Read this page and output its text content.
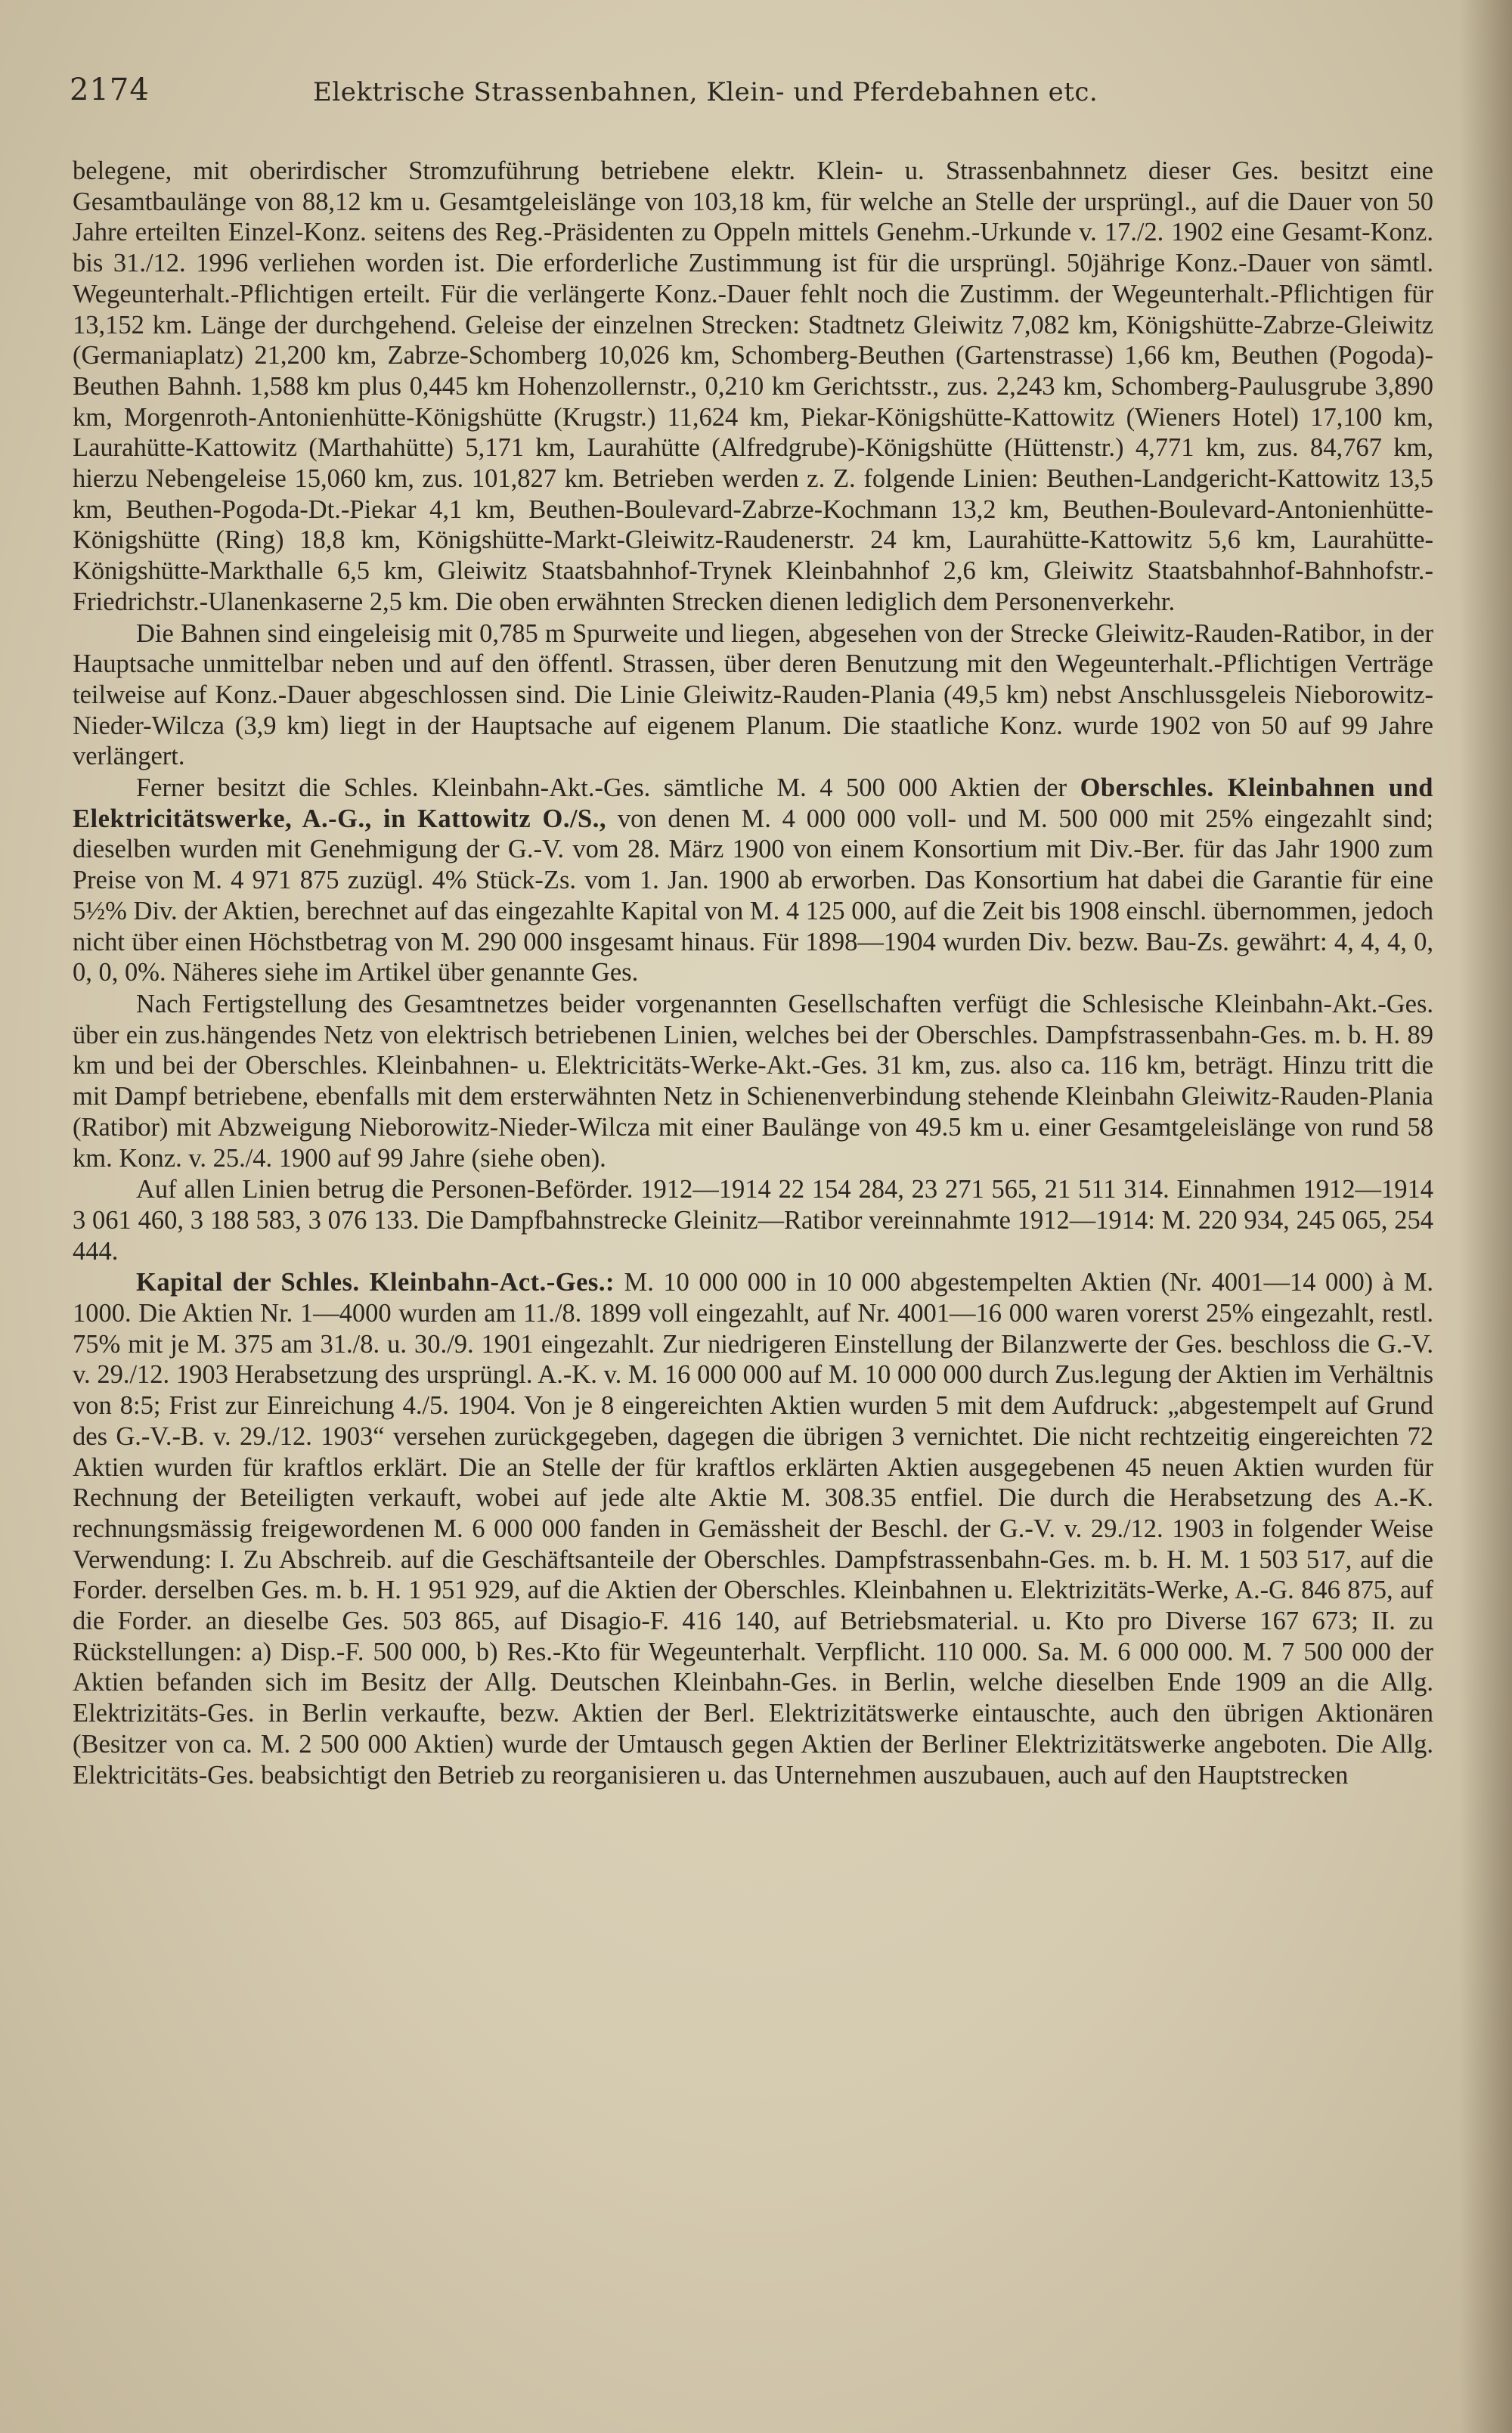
2174	Elektrische Strassenbahnen, Klein- und Pferdebahnen etc.

belegene, mit oberirdischer Stromzuführung betriebene elektr. Klein- u. Strassenbahnnetz dieser Ges. besitzt eine Gesamtbaulänge von 88,12 km u. Gesamtgeleislänge von 103,18 km, für welche an Stelle der ursprüngl., auf die Dauer von 50 Jahre erteilten Einzel-Konz. seitens des Reg.-Präsidenten zu Oppeln mittels Genehm.-Urkunde v. 17./2. 1902 eine Gesamt-Konz. bis 31./12. 1996 verliehen worden ist. Die erforderliche Zustimmung ist für die ursprüngl. 50jährige Konz.-Dauer von sämtl. Wegeunterhalt.-Pflichtigen erteilt. Für die verlängerte Konz.-Dauer fehlt noch die Zustimm. der Wegeunterhalt.-Pflichtigen für 13,152 km. Länge der durchgehend. Geleise der einzelnen Strecken: Stadtnetz Gleiwitz 7,082 km, Königshütte-Zabrze-Gleiwitz (Germaniaplatz) 21,200 km, Zabrze-Schomberg 10,026 km, Schomberg-Beuthen (Gartenstrasse) 1,66 km, Beuthen (Pogoda)-Beuthen Bahnh. 1,588 km plus 0,445 km Hohenzollernstr., 0,210 km Gerichtsstr., zus. 2,243 km, Schomberg-Paulusgrube 3,890 km, Morgenroth-Antonienhütte-Königshütte (Krugstr.) 11,624 km, Piekar-Königshütte-Kattowitz (Wieners Hotel) 17,100 km, Laurahütte-Kattowitz (Marthahütte) 5,171 km, Laurahütte (Alfredgrube)-Königshütte (Hüttenstr.) 4,771 km, zus. 84,767 km, hierzu Nebengeleise 15,060 km, zus. 101,827 km. Betrieben werden z. Z. folgende Linien: Beuthen-Landgericht-Kattowitz 13,5 km, Beuthen-Pogoda-Dt.-Piekar 4,1 km, Beuthen-Boulevard-Zabrze-Kochmann 13,2 km, Beuthen-Boulevard-Antonienhütte-Königshütte (Ring) 18,8 km, Königshütte-Markt-Gleiwitz-Raudenerstr. 24 km, Laurahütte-Kattowitz 5,6 km, Laurahütte-Königshütte-Markthalle 6,5 km, Gleiwitz Staatsbahnhof-Trynek Kleinbahnhof 2,6 km, Gleiwitz Staatsbahnhof-Bahnhofstr.-Friedrichstr.-Ulanenkaserne 2,5 km. Die oben erwähnten Strecken dienen lediglich dem Personenverkehr.

Die Bahnen sind eingeleisig mit 0,785 m Spurweite und liegen, abgesehen von der Strecke Gleiwitz-Rauden-Ratibor, in der Hauptsache unmittelbar neben und auf den öffentl. Strassen, über deren Benutzung mit den Wegeunterhalt.-Pflichtigen Verträge teilweise auf Konz.-Dauer abgeschlossen sind. Die Linie Gleiwitz-Rauden-Plania (49,5 km) nebst Anschlussgeleis Nieborowitz-Nieder-Wilcza (3,9 km) liegt in der Hauptsache auf eigenem Planum. Die staatliche Konz. wurde 1902 von 50 auf 99 Jahre verlängert.

Ferner besitzt die Schles. Kleinbahn-Akt.-Ges. sämtliche M. 4 500 000 Aktien der Oberschles. Kleinbahnen und Elektricitätswerke, A.-G., in Kattowitz O./S., von denen M. 4 000 000 voll- und M. 500 000 mit 25% eingezahlt sind; dieselben wurden mit Genehmigung der G.-V. vom 28. März 1900 von einem Konsortium mit Div.-Ber. für das Jahr 1900 zum Preise von M. 4 971 875 zuzügl. 4% Stück-Zs. vom 1. Jan. 1900 ab erworben. Das Konsortium hat dabei die Garantie für eine 5½% Div. der Aktien, berechnet auf das eingezahlte Kapital von M. 4 125 000, auf die Zeit bis 1908 einschl. übernommen, jedoch nicht über einen Höchstbetrag von M. 290 000 insgesamt hinaus. Für 1898—1904 wurden Div. bezw. Bau-Zs. gewährt: 4, 4, 4, 0, 0, 0, 0%. Näheres siehe im Artikel über genannte Ges.

Nach Fertigstellung des Gesamtnetzes beider vorgenannten Gesellschaften verfügt die Schlesische Kleinbahn-Akt.-Ges. über ein zus.hängendes Netz von elektrisch betriebenen Linien, welches bei der Oberschles. Dampfstrassenbahn-Ges. m. b. H. 89 km und bei der Oberschles. Kleinbahnen- u. Elektricitäts-Werke-Akt.-Ges. 31 km, zus. also ca. 116 km, beträgt. Hinzu tritt die mit Dampf betriebene, ebenfalls mit dem ersterwähnten Netz in Schienenverbindung stehende Kleinbahn Gleiwitz-Rauden-Plania (Ratibor) mit Abzweigung Nieborowitz-Nieder-Wilcza mit einer Baulänge von 49.5 km u. einer Gesamtgeleislänge von rund 58 km. Konz. v. 25./4. 1900 auf 99 Jahre (siehe oben).

Auf allen Linien betrug die Personen-Beförder. 1912—1914 22 154 284, 23 271 565, 21 511 314. Einnahmen 1912—1914 3 061 460, 3 188 583, 3 076 133. Die Dampfbahnstrecke Gleinitz—Ratibor vereinnahmte 1912—1914: M. 220 934, 245 065, 254 444.

Kapital der Schles. Kleinbahn-Act.-Ges.: M. 10 000 000 in 10 000 abgestempelten Aktien (Nr. 4001—14 000) à M. 1000. Die Aktien Nr. 1—4000 wurden am 11./8. 1899 voll eingezahlt, auf Nr. 4001—16 000 waren vorerst 25% eingezahlt, restl. 75% mit je M. 375 am 31./8. u. 30./9. 1901 eingezahlt. Zur niedrigeren Einstellung der Bilanzwerte der Ges. beschloss die G.-V. v. 29./12. 1903 Herabsetzung des ursprüngl. A.-K. v. M. 16 000 000 auf M. 10 000 000 durch Zus.legung der Aktien im Verhältnis von 8:5; Frist zur Einreichung 4./5. 1904. Von je 8 eingereichten Aktien wurden 5 mit dem Aufdruck: „abgestempelt auf Grund des G.-V.-B. v. 29./12. 1903“ versehen zurückgegeben, dagegen die übrigen 3 vernichtet. Die nicht rechtzeitig eingereichten 72 Aktien wurden für kraftlos erklärt. Die an Stelle der für kraftlos erklärten Aktien ausgegebenen 45 neuen Aktien wurden für Rechnung der Beteiligten verkauft, wobei auf jede alte Aktie M. 308.35 entfiel. Die durch die Herabsetzung des A.-K. rechnungsmässig freigewordenen M. 6 000 000 fanden in Gemässheit der Beschl. der G.-V. v. 29./12. 1903 in folgender Weise Verwendung: I. Zu Abschreib. auf die Geschäftsanteile der Oberschles. Dampfstrassenbahn-Ges. m. b. H. M. 1 503 517, auf die Forder. derselben Ges. m. b. H. 1 951 929, auf die Aktien der Oberschles. Kleinbahnen u. Elektrizitäts-Werke, A.-G. 846 875, auf die Forder. an dieselbe Ges. 503 865, auf Disagio-F. 416 140, auf Betriebsmaterial. u. Kto pro Diverse 167 673; II. zu Rückstellungen: a) Disp.-F. 500 000, b) Res.-Kto für Wegeunterhalt. Verpflicht. 110 000. Sa. M. 6 000 000. M. 7 500 000 der Aktien befanden sich im Besitz der Allg. Deutschen Kleinbahn-Ges. in Berlin, welche dieselben Ende 1909 an die Allg. Elektrizitäts-Ges. in Berlin verkaufte, bezw. Aktien der Berl. Elektrizitätswerke eintauschte, auch den übrigen Aktionären (Besitzer von ca. M. 2 500 000 Aktien) wurde der Umtausch gegen Aktien der Berliner Elektrizitätswerke angeboten. Die Allg. Elektricitäts-Ges. beabsichtigt den Betrieb zu reorganisieren u. das Unternehmen auszubauen, auch auf den Hauptstrecken
